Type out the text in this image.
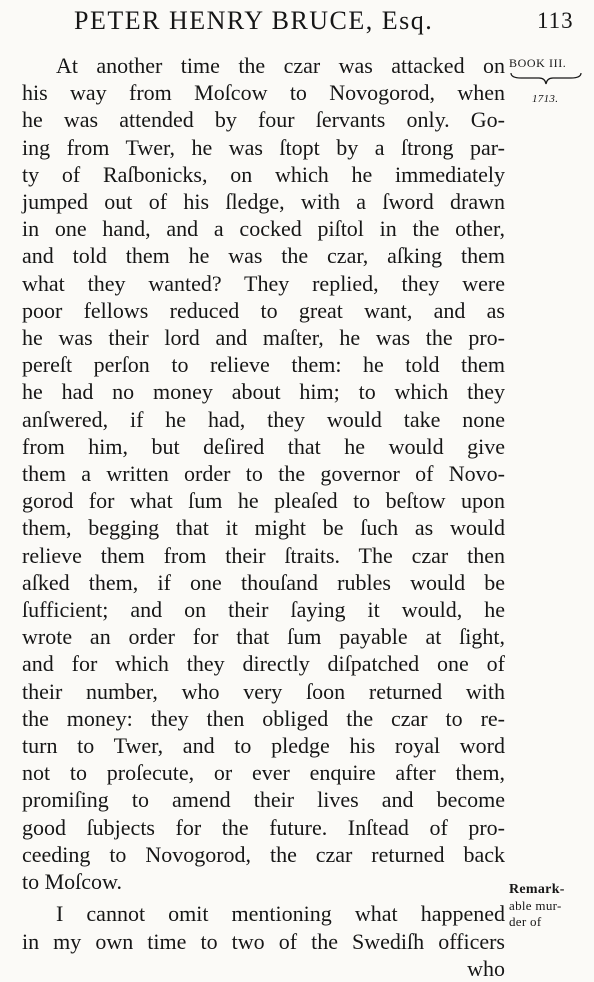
PETER HENRY BRUCE, Esq.	113
BOOK III.
1713.
At another time the czar was attacked on
his way from Moſcow to Novogorod, when
he was attended by four ſervants only. Go-
ing from Twer, he was ſtopt by a ſtrong par-
ty of Raſbonicks, on which he immediately
jumped out of his ſledge, with a ſword drawn
in one hand, and a cocked piſtol in the other,
and told them he was the czar, aſking them
what they wanted? They replied, they were
poor fellows reduced to great want, and as
he was their lord and maſter, he was the pro-
pereſt perſon to relieve them: he told them
he had no money about him; to which they
anſwered, if he had, they would take none
from him, but deſired that he would give
them a written order to the governor of Novo-
gorod for what ſum he pleaſed to beſtow upon
them, begging that it might be ſuch as would
relieve them from their ſtraits. The czar then
aſked them, if one thouſand rubles would be
ſufficient; and on their ſaying it would, he
wrote an order for that ſum payable at ſight,
and for which they directly diſpatched one of
their number, who very ſoon returned with
the money: they then obliged the czar to re-
turn to Twer, and to pledge his royal word
not to proſecute, or ever enquire after them,
promiſing to amend their lives and become
good ſubjects for the future. Inſtead of pro-
ceeding to Novogorod, the czar returned back
to Moſcow.
I cannot omit mentioning what happened
in my own time to two of the Swediſh officers
who
Remark-
able mur-
der of
